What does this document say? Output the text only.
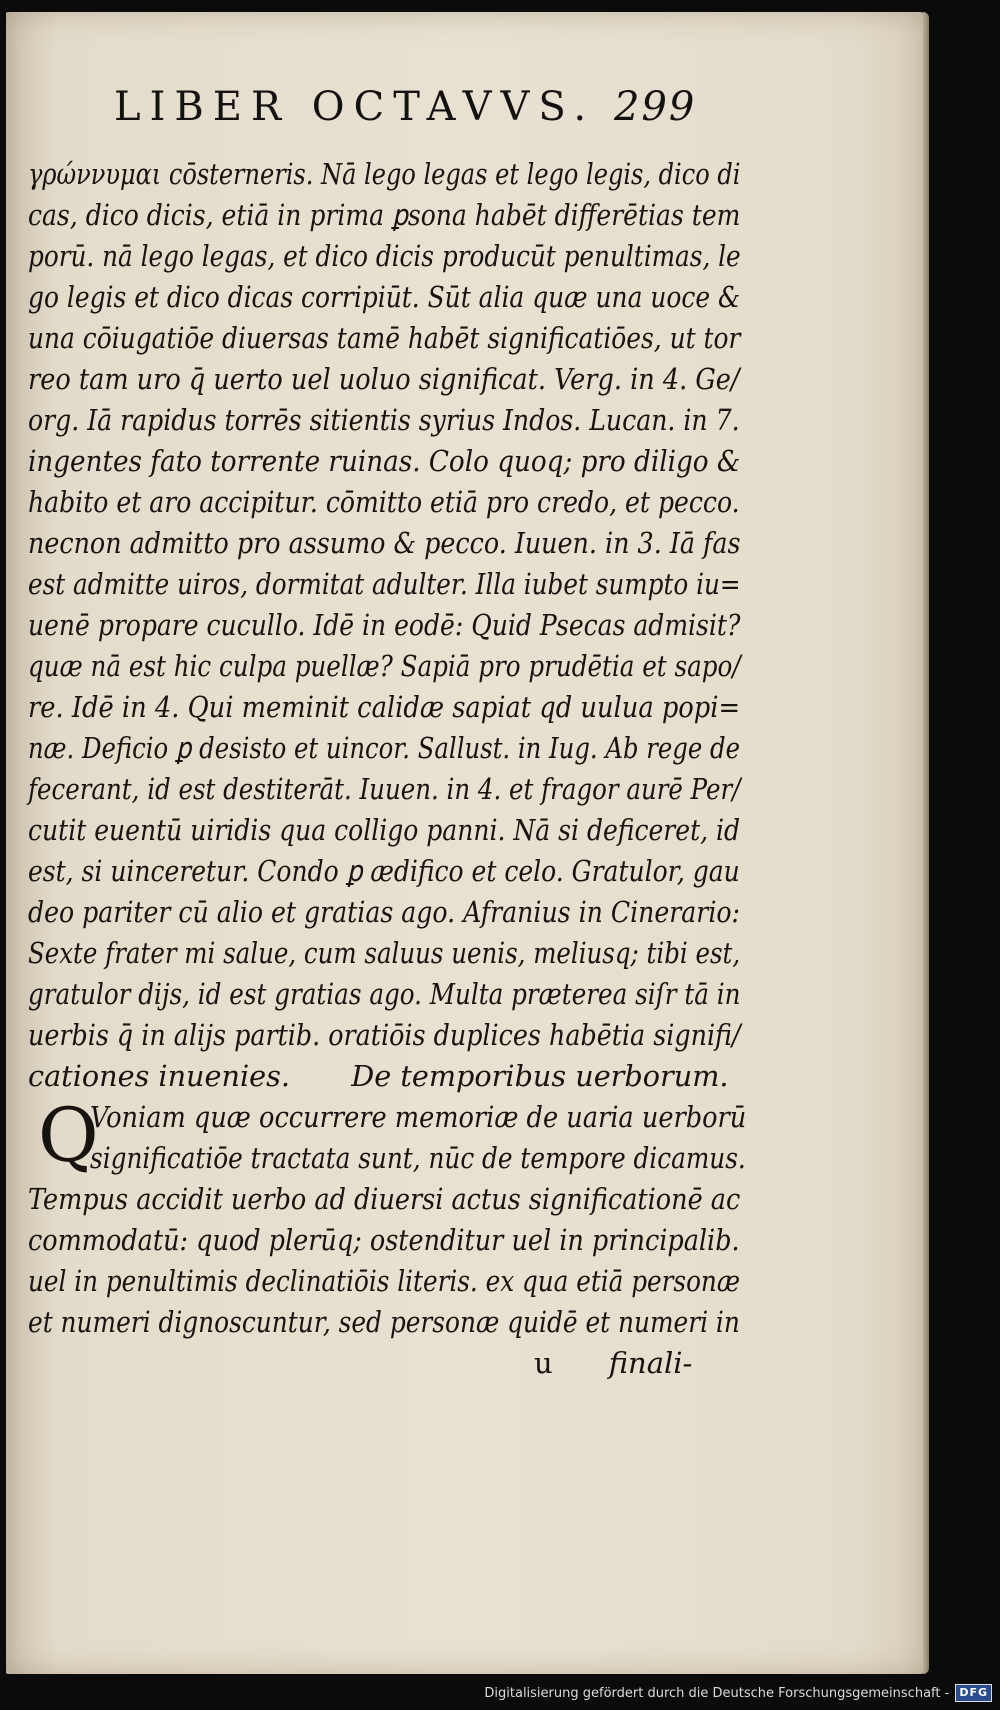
LIBER OCTAVVS. 299
γρώννυμαι cōsterneris. Nā lego legas et lego legis, dico di
cas, dico dicis, etiā in prima ꝑsona habēt differētias tem
porū. nā lego legas, et dico dicis producūt penultimas, le
go legis et dico dicas corripiūt. Sūt alia quæ una uoce &
una cōiugatiōe diuersas tamē habēt significatiōes, ut tor
reo tam uro q̄ uerto uel uoluo significat. Verg. in 4. Ge/
org. Iā rapidus torrēs sitientis syrius Indos. Lucan. in 7.
ingentes fato torrente ruinas. Colo quoq; pro diligo &
habito et aro accipitur. cōmitto etiā pro credo, et pecco.
necnon admitto pro assumo & pecco. Iuuen. in 3. Iā fas
est admitte uiros, dormitat adulter. Illa iubet sumpto iu=
uenē propare cucullo. Idē in eodē: Quid Psecas admisit?
quæ nā est hic culpa puellæ? Sapiā pro prudētia et sapo/
re. Idē in 4. Qui meminit calidæ sapiat qd uulua popi=
næ. Deficio ꝑ desisto et uincor. Sallust. in Iug. Ab rege de
fecerant, id est destiterāt. Iuuen. in 4. et fragor aurē Per/
cutit euentū uiridis qua colligo panni. Nā si deficeret, id
est, si uinceretur. Condo ꝑ ædifico et celo. Gratulor, gau
deo pariter cū alio et gratias ago. Afranius in Cinerario:
Sexte frater mi salue, cum saluus uenis, meliusq; tibi est,
gratulor dijs, id est gratias ago. Multa præterea siſr tā in
uerbis q̄ in alijs partib. oratiōis duplices habētia signifi/
cationes inuenies. De temporibus uerborum.
Q
Voniam quæ occurrere memoriæ de uaria uerborū
significatiōe tractata sunt, nūc de tempore dicamus.
Tempus accidit uerbo ad diuersi actus significationē ac
commodatū: quod plerūq; ostenditur uel in principalib.
uel in penultimis declinatiōis literis. ex qua etiā personæ
et numeri dignoscuntur, sed personæ quidē et numeri in
u finali-
Digitalisierung gefördert durch die Deutsche Forschungsgemeinschaft - DFG
